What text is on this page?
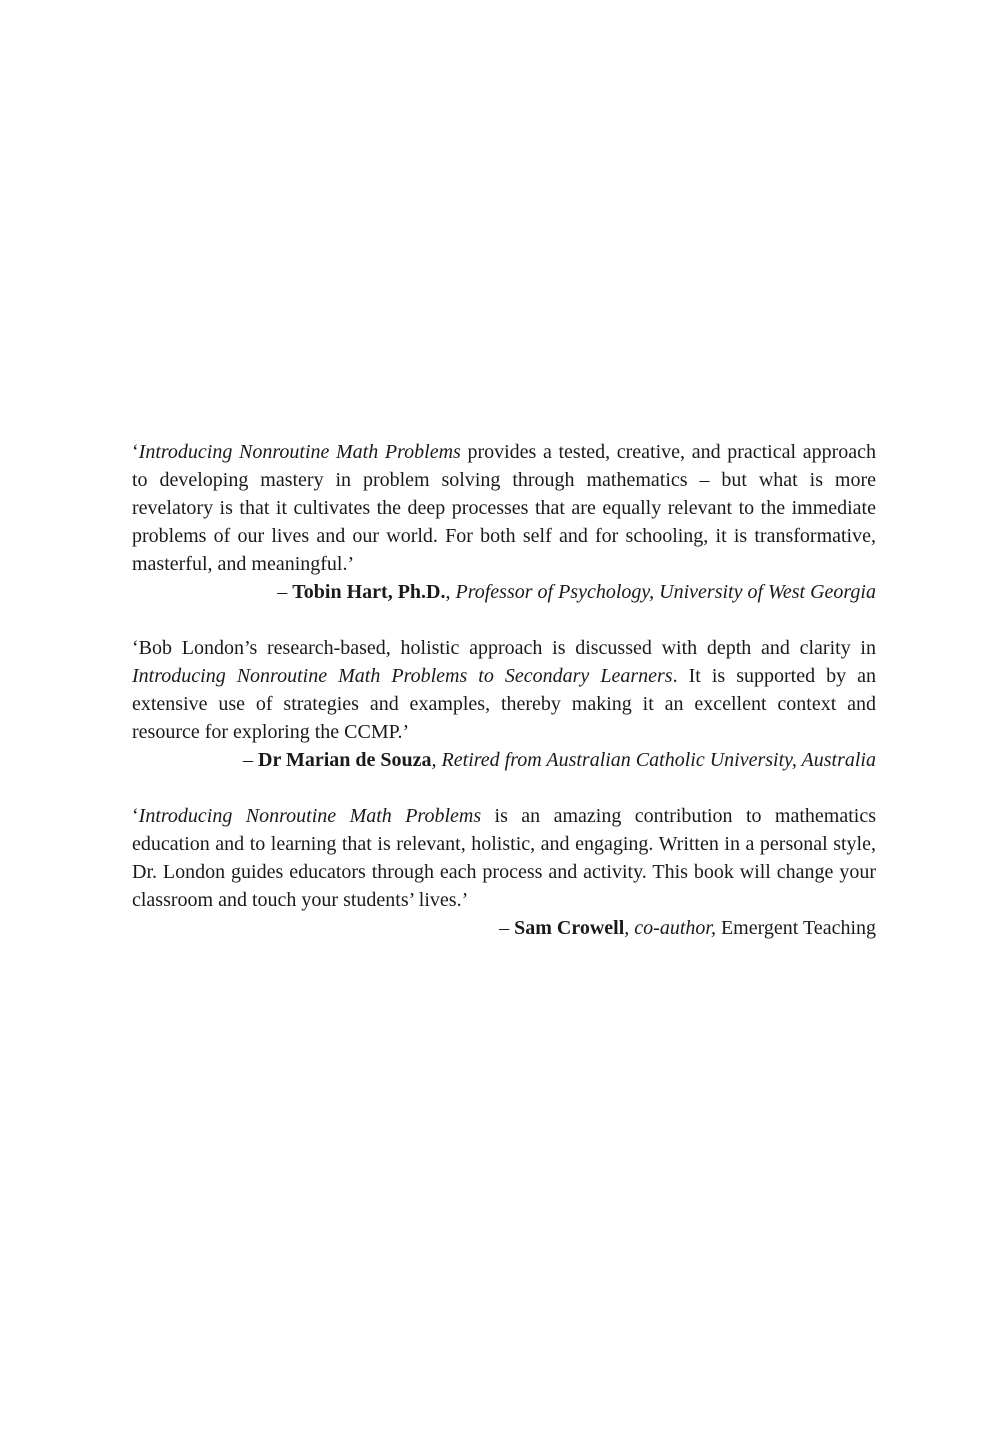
‘Introducing Nonroutine Math Problems provides a tested, creative, and practical approach to developing mastery in problem solving through mathematics – but what is more revelatory is that it cultivates the deep processes that are equally relevant to the immediate problems of our lives and our world. For both self and for schooling, it is transformative, masterful, and meaningful.’

– Tobin Hart, Ph.D., Professor of Psychology, University of West Georgia

‘Bob London’s research-based, holistic approach is discussed with depth and clarity in Introducing Nonroutine Math Problems to Secondary Learners. It is supported by an extensive use of strategies and examples, thereby making it an excellent context and resource for exploring the CCMP.’

– Dr Marian de Souza, Retired from Australian Catholic University, Australia

‘Introducing Nonroutine Math Problems is an amazing contribution to mathematics education and to learning that is relevant, holistic, and engaging. Written in a personal style, Dr. London guides educators through each process and activity. This book will change your classroom and touch your students’ lives.’

– Sam Crowell, co-author, Emergent Teaching
